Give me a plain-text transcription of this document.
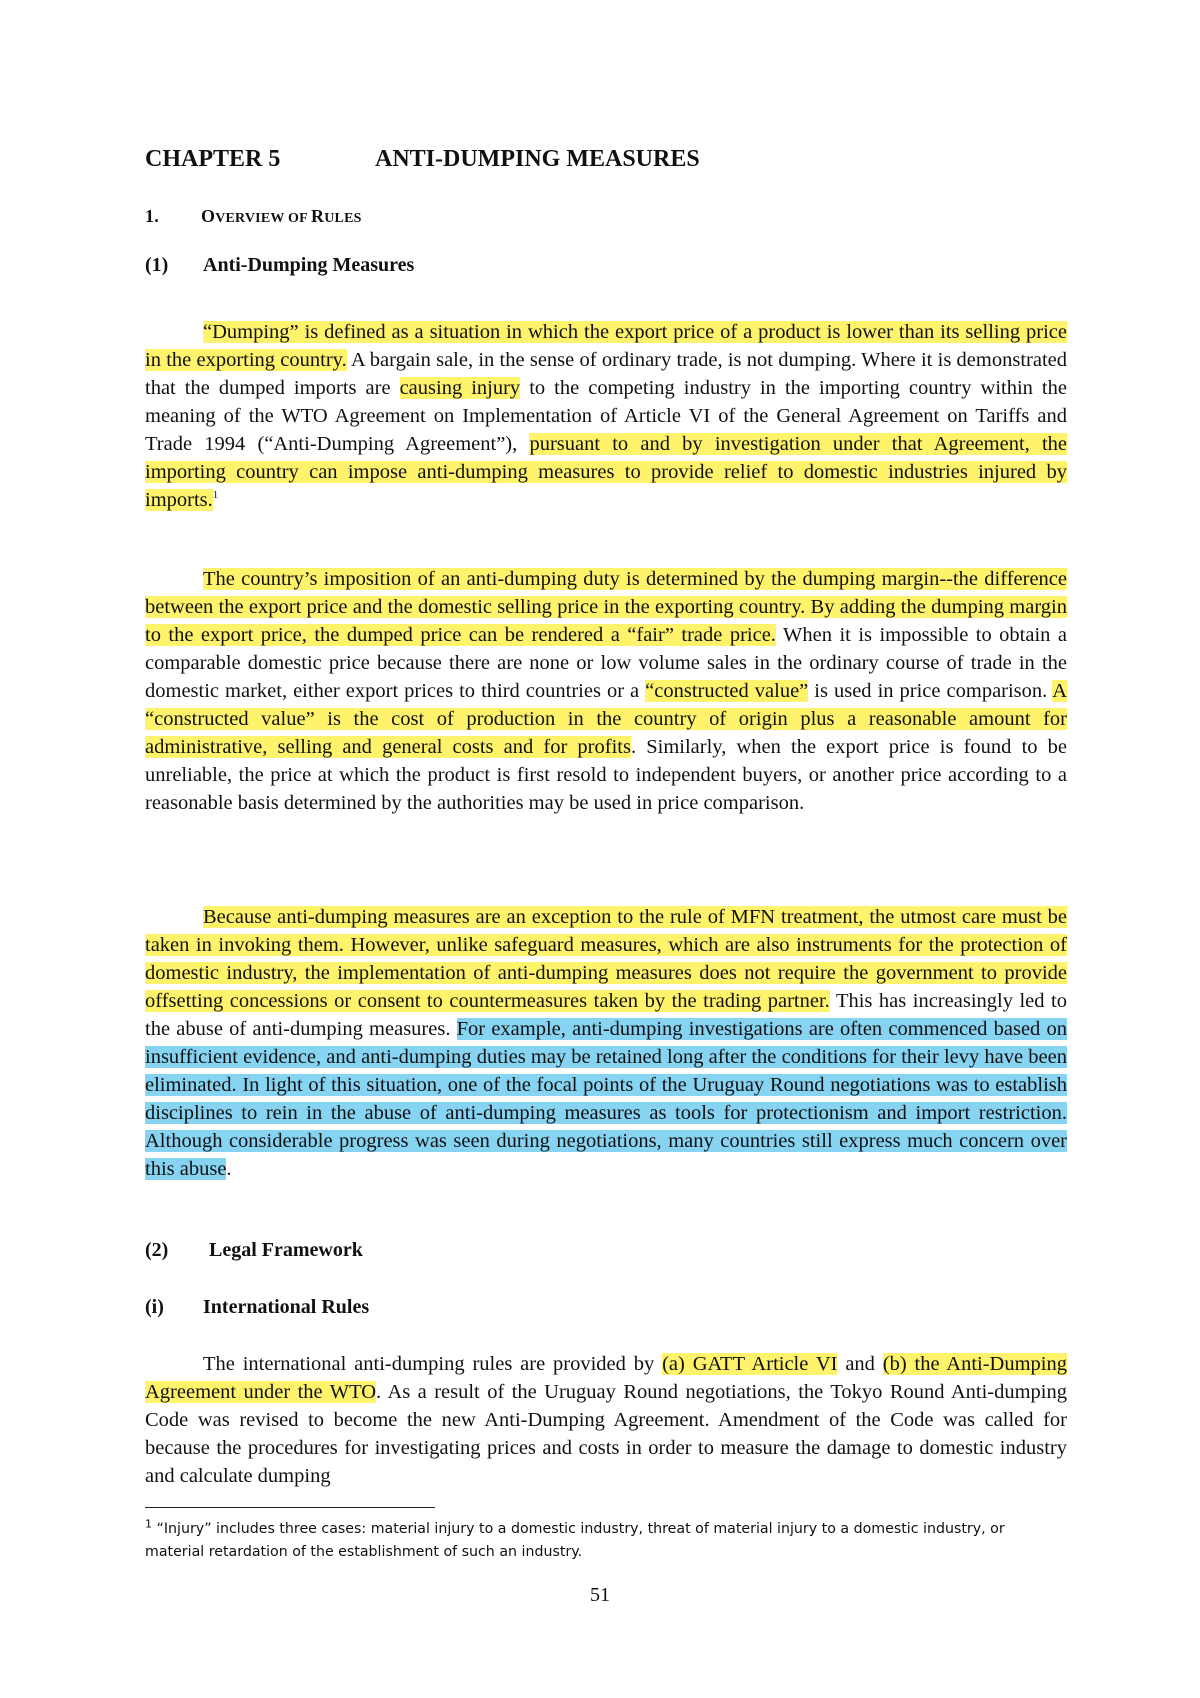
CHAPTER 5	ANTI-DUMPING MEASURES
1. OVERVIEW OF RULES
(1) Anti-Dumping Measures

“Dumping” is defined as a situation in which the export price of a product is lower than its selling price in the exporting country. A bargain sale, in the sense of ordinary trade, is not dumping. Where it is demonstrated that the dumped imports are causing injury to the competing industry in the importing country within the meaning of the WTO Agreement on Implementation of Article VI of the General Agreement on Tariffs and Trade 1994 (“Anti-Dumping Agreement”), pursuant to and by investigation under that Agreement, the importing country can impose anti-dumping measures to provide relief to domestic industries injured by imports.$^1$

The country’s imposition of an anti-dumping duty is determined by the dumping margin--the difference between the export price and the domestic selling price in the exporting country. By adding the dumping margin to the export price, the dumped price can be rendered a “fair” trade price. When it is impossible to obtain a comparable domestic price because there are none or low volume sales in the ordinary course of trade in the domestic market, either export prices to third countries or a “constructed value” is used in price comparison. A “constructed value” is the cost of production in the country of origin plus a reasonable amount for administrative, selling and general costs and for profits. Similarly, when the export price is found to be unreliable, the price at which the product is first resold to independent buyers, or another price according to a reasonable basis determined by the authorities may be used in price comparison.

Because anti-dumping measures are an exception to the rule of MFN treatment, the utmost care must be taken in invoking them. However, unlike safeguard measures, which are also instruments for the protection of domestic industry, the implementation of anti-dumping measures does not require the government to provide offsetting concessions or consent to countermeasures taken by the trading partner. This has increasingly led to the abuse of anti-dumping measures. For example, anti-dumping investigations are often commenced based on insufficient evidence, and anti-dumping duties may be retained long after the conditions for their levy have been eliminated. In light of this situation, one of the focal points of the Uruguay Round negotiations was to establish disciplines to rein in the abuse of anti-dumping measures as tools for protectionism and import restriction. Although considerable progress was seen during negotiations, many countries still express much concern over this abuse.

(2) Legal Framework
(i) International Rules

The international anti-dumping rules are provided by (a) GATT Article VI and (b) the Anti-Dumping Agreement under the WTO. As a result of the Uruguay Round negotiations, the Tokyo Round Anti-dumping Code was revised to become the new Anti-Dumping Agreement. Amendment of the Code was called for because the procedures for investigating prices and costs in order to measure the damage to domestic industry and calculate dumping

$^1$ “Injury” includes three cases: material injury to a domestic industry, threat of material injury to a domestic industry, or material retardation of the establishment of such an industry.

51
